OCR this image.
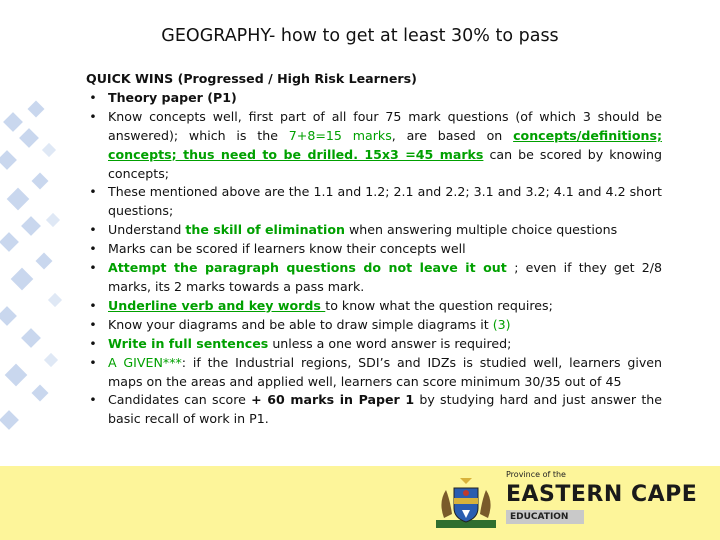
GEOGRAPHY- how to get at least 30% to pass

QUICK WINS (Progressed / High Risk Learners)

• Theory paper (P1)
• Know concepts well, first part of all four 75 mark questions (of which 3 should be answered); which is the 7+8=15 marks, are based on concepts/definitions; concepts; thus need to be drilled. 15x3 =45 marks can be scored by knowing concepts;
• These mentioned above are the 1.1 and 1.2; 2.1 and 2.2; 3.1 and 3.2; 4.1 and 4.2 short questions;
• Understand the skill of elimination when answering multiple choice questions
• Marks can be scored if learners know their concepts well
• Attempt the paragraph questions do not leave it out ; even if they get 2/8 marks, its 2 marks towards a pass mark.
• Underline verb and key words to know what the question requires;
• Know your diagrams and be able to draw simple diagrams it (3)
• Write in full sentences unless a one word answer is required;
• A GIVEN***: if the Industrial regions, SDI’s and IDZs is studied well, learners given maps on the areas and applied well, learners can score minimum 30/35 out of 45
• Candidates can score + 60 marks in Paper 1 by studying hard and just answer the basic recall of work in P1.
Province of the
EASTERN CAPE
EDUCATION
